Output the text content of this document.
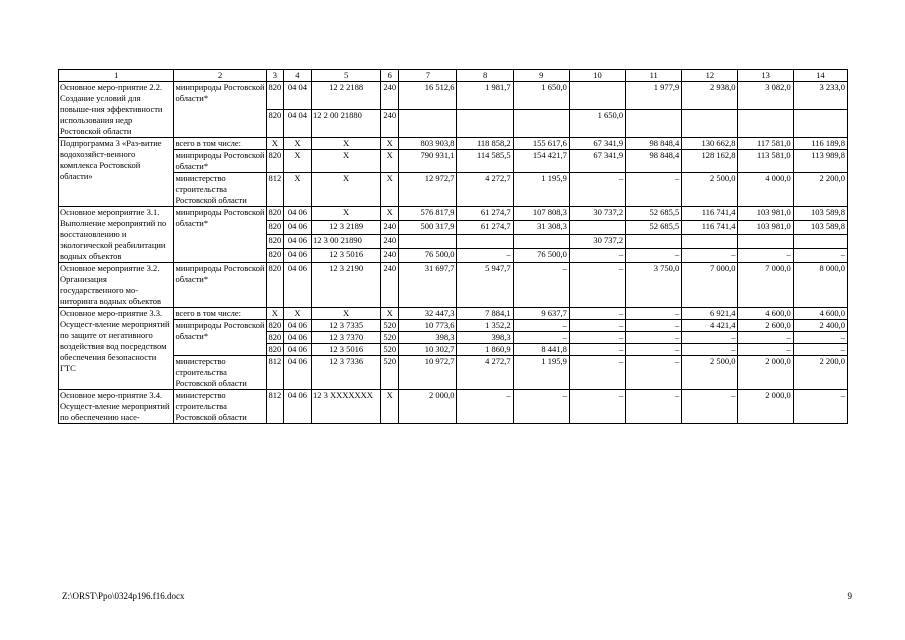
1	2	3	4	5	6	7	8	9	10	11	12	13	14
Основное меро-приятие 2.2. Создание условий для повыше-ния эффективности использования недр Ростовской области	минприроды Ростовской области*	820	04 04	12 2 2188	240	16 512,6	1 981,7	1 650,0		1 977,9	2 938,0	3 082,0	3 233,0
		820	04 04	12 2 00 21880	240				1 650,0				
Подпрограмма 3 «Раз-витие водохозяйст-венного комплекса Ростовской области»	всего в том числе:	Х	Х	Х	Х	803 903,8	118 858,2	155 617,6	67 341,9	98 848,4	130 662,8	117 581,0	116 189,8
	минприроды Ростовской области*	820	Х	Х	Х	790 931,1	114 585,5	154 421,7	67 341,9	98 848,4	128 162,8	113 581,0	113 989,8
	министерство строительства Ростовской области	812	Х	Х	Х	12 972,7	4 272,7	1 195,9	–	–	2 500,0	4 000,0	2 200,0
Основное мероприятие 3.1. Выполнение мероприятий по восстановлению и экологической реабилитации водных объектов	минприроды Ростовской области*	820	04 06	Х	Х	576 817,9	61 274,7	107 808,3	30 737,2	52 685,5	116 741,4	103 981,0	103 589,8
		820	04 06	12 3 2189	240	500 317,9	61 274,7	31 308,3		52 685,5	116 741,4	103 981,0	103 589,8
		820	04 06	12 3 00 21890	240				30 737,2				
		820	04 06	12 3 5016	240	76 500,0	–	76 500,0	–	–	–	–	–
Основное мероприятие 3.2. Организация государственного мо-ниторинга водных объектов	минприроды Ростовской области*	820	04 06	12 3 2190	240	31 697,7	5 947,7	–	–	3 750,0	7 000,0	7 000,0	8 000,0
Основное меро-приятие 3.3. Осущест-вление мероприятий по защите от негативного воздействия вод посредством обеспечения безопасности ГТС	всего в том числе:	Х	Х	Х	Х	32 447,3	7 884,1	9 637,7	–	–	6 921,4	4 600,0	4 600,0
	минприроды Ростовской области*	820	04 06	12 3 7335	520	10 773,6	1 352,2	–	–	–	4 421,4	2 600,0	2 400,0
		820	04 06	12 3 7370	520	398,3	398,3	–	–	–	–	–	–
		820	04 06	12 3 5016	520	10 302,7	1 860,9	8 441,8	–	–	–	–	–
	министерство строительства Ростовской области	812	04 06	12 3 7336	520	10 972,7	4 272,7	1 195,9	–	–	2 500,0	2 000,0	2 200,0
Основное меро-приятие 3.4. Осущест-вление мероприятий по обеспечению насе-	министерство строительства Ростовской области	812	04 06	12 3 ХХХХХХХ	Х	2 000,0	–	–	–	–	–	2 000,0	–
Z:\ORST\Ppo\0324p196.f16.docx	9
